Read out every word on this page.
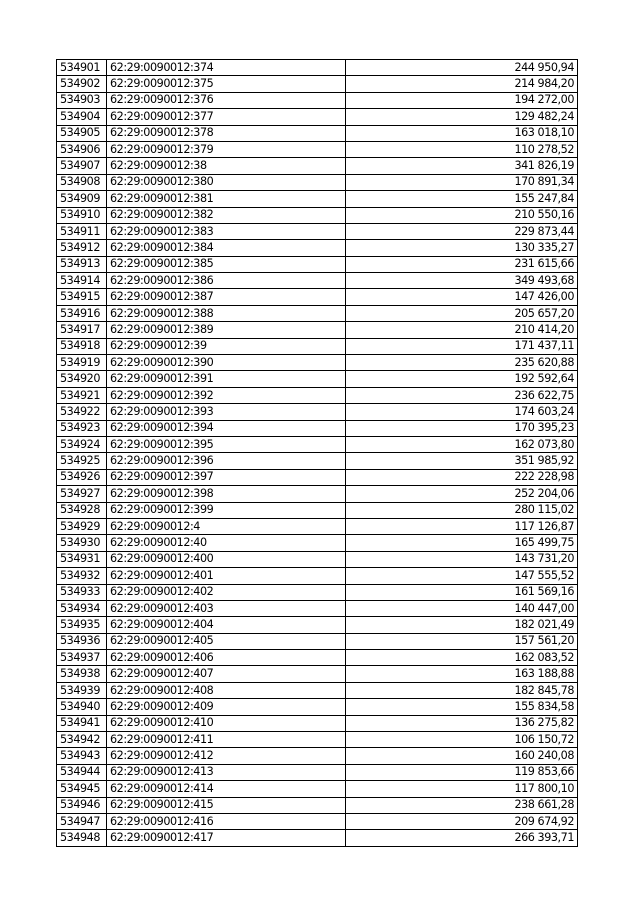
534901	62:29:0090012:374	244 950,94
534902	62:29:0090012:375	214 984,20
534903	62:29:0090012:376	194 272,00
534904	62:29:0090012:377	129 482,24
534905	62:29:0090012:378	163 018,10
534906	62:29:0090012:379	110 278,52
534907	62:29:0090012:38	341 826,19
534908	62:29:0090012:380	170 891,34
534909	62:29:0090012:381	155 247,84
534910	62:29:0090012:382	210 550,16
534911	62:29:0090012:383	229 873,44
534912	62:29:0090012:384	130 335,27
534913	62:29:0090012:385	231 615,66
534914	62:29:0090012:386	349 493,68
534915	62:29:0090012:387	147 426,00
534916	62:29:0090012:388	205 657,20
534917	62:29:0090012:389	210 414,20
534918	62:29:0090012:39	171 437,11
534919	62:29:0090012:390	235 620,88
534920	62:29:0090012:391	192 592,64
534921	62:29:0090012:392	236 622,75
534922	62:29:0090012:393	174 603,24
534923	62:29:0090012:394	170 395,23
534924	62:29:0090012:395	162 073,80
534925	62:29:0090012:396	351 985,92
534926	62:29:0090012:397	222 228,98
534927	62:29:0090012:398	252 204,06
534928	62:29:0090012:399	280 115,02
534929	62:29:0090012:4	117 126,87
534930	62:29:0090012:40	165 499,75
534931	62:29:0090012:400	143 731,20
534932	62:29:0090012:401	147 555,52
534933	62:29:0090012:402	161 569,16
534934	62:29:0090012:403	140 447,00
534935	62:29:0090012:404	182 021,49
534936	62:29:0090012:405	157 561,20
534937	62:29:0090012:406	162 083,52
534938	62:29:0090012:407	163 188,88
534939	62:29:0090012:408	182 845,78
534940	62:29:0090012:409	155 834,58
534941	62:29:0090012:410	136 275,82
534942	62:29:0090012:411	106 150,72
534943	62:29:0090012:412	160 240,08
534944	62:29:0090012:413	119 853,66
534945	62:29:0090012:414	117 800,10
534946	62:29:0090012:415	238 661,28
534947	62:29:0090012:416	209 674,92
534948	62:29:0090012:417	266 393,71
